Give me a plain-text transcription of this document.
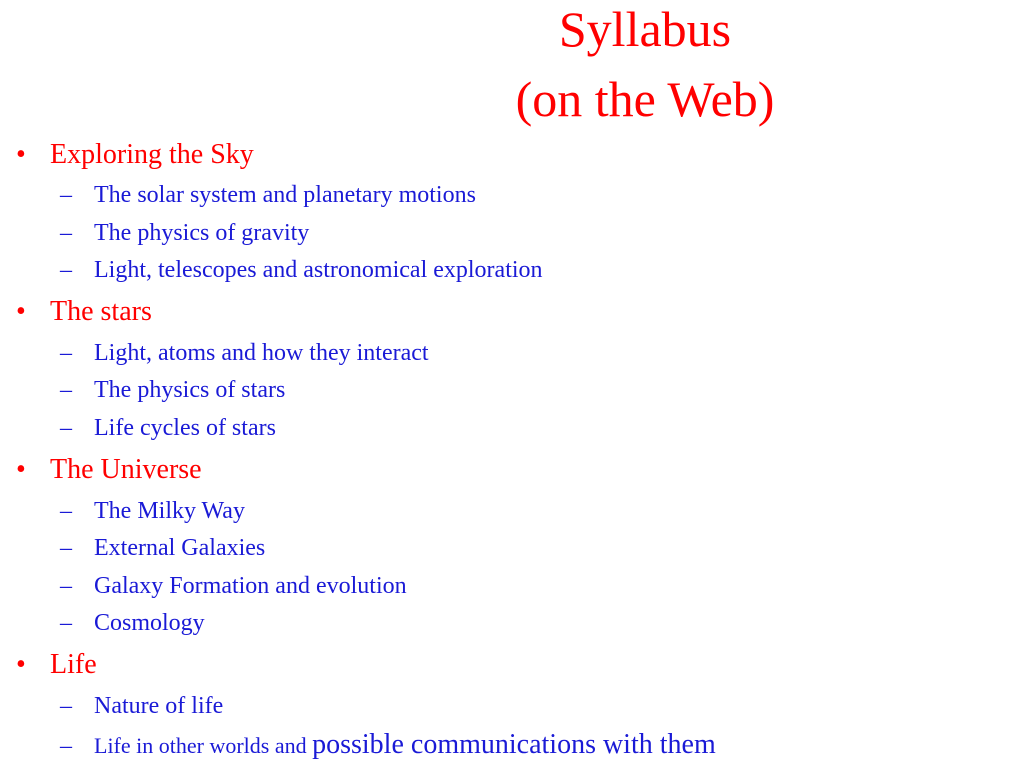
Syllabus
(on the Web)
• Exploring the Sky
– The solar system and planetary motions
– The physics of gravity
– Light, telescopes and astronomical exploration
• The stars
– Light, atoms and how they interact
– The physics of stars
– Life cycles of stars
• The Universe
– The Milky Way
– External Galaxies
– Galaxy Formation and evolution
– Cosmology
• Life
– Nature of life
– Life in other worlds and possible communications with them
